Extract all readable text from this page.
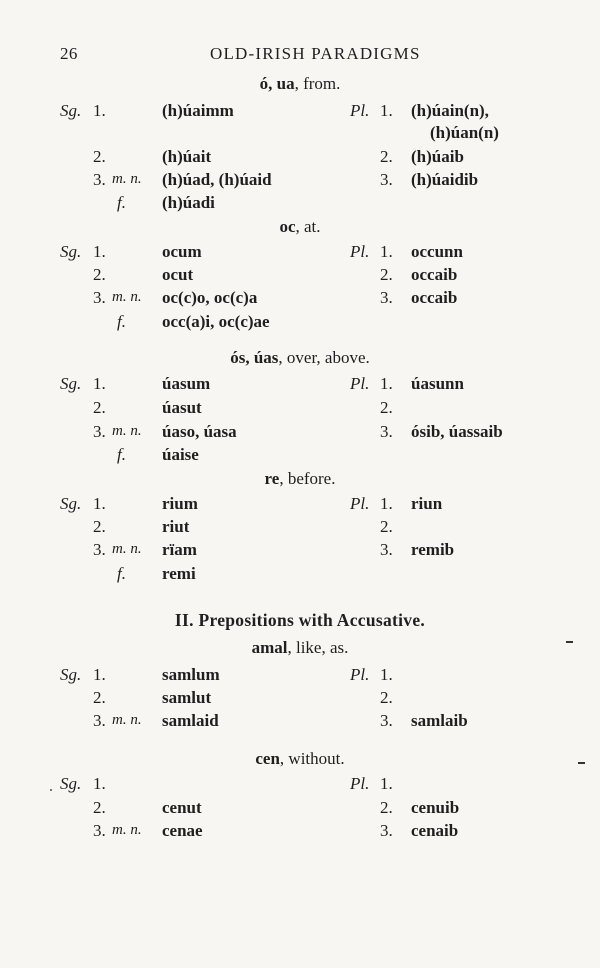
26	OLD-IRISH PARADIGMS
ó, ua, from.
Sg. 1.	(h)úaimm	Pl. 1. (h)úain(n),
(h)úan(n)
2.	(h)úait	2. (h)úaib
3. m. n. (h)úad, (h)úaid	3. (h)úaidib
f. (h)úadi
oc, at.
Sg. 1.	ocum	Pl. 1. occunn
2.	ocut	2. occaib
3. m. n. oc(c)o, oc(c)a	3. occaib
f. occ(a)i, oc(c)ae
ós, úas, over, above.
Sg. 1.	úasum	Pl. 1. úasunn
2.	úasut	2.
3. m. n. úaso, úasa	3. ósib, úassaib
f. úaise
re, before.
Sg. 1.	rium	Pl. 1. riun
2.	riut	2.
3. m. n. rïam	3. remib
f. remi
II. Prepositions with Accusative.
amal, like, as.
Sg. 1.	samlum	Pl. 1.
2.	samlut	2.
3. m. n. samlaid	3. samlaib
cen, without.
Sg. 1.	Pl. 1.
2.	cenut	2. cenuib
3. m. n. cenae	3. cenaib
